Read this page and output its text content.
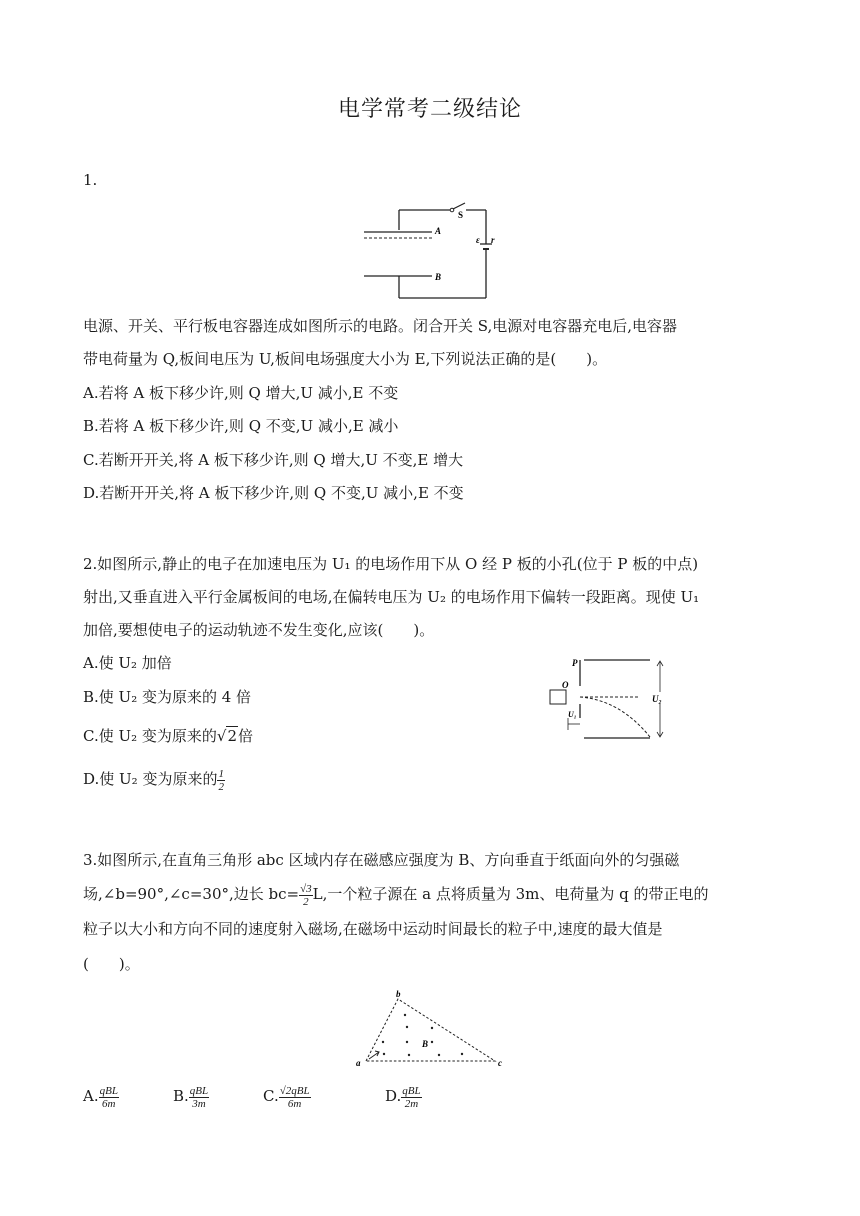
电学常考二级结论
1.
S
ε r
A
B
电源、开关、平行板电容器连成如图所示的电路。闭合开关 S,电源对电容器充电后,电容器
带电荷量为 Q,板间电压为 U,板间电场强度大小为 E,下列说法正确的是(　　)。
A.若将 A 板下移少许,则 Q 增大,U 减小,E 不变
B.若将 A 板下移少许,则 Q 不变,U 减小,E 减小
C.若断开开关,将 A 板下移少许,则 Q 增大,U 不变,E 增大
D.若断开开关,将 A 板下移少许,则 Q 不变,U 减小,E 不变
2.如图所示,静止的电子在加速电压为 U₁ 的电场作用下从 O 经 P 板的小孔(位于 P 板的中点)
射出,又垂直进入平行金属板间的电场,在偏转电压为 U₂ 的电场作用下偏转一段距离。现使 U₁
加倍,要想使电子的运动轨迹不发生变化,应该(　　)。
A.使 U₂ 加倍
B.使 U₂ 变为原来的 4 倍
C.使 U₂ 变为原来的√2倍
D.使 U₂ 变为原来的 $\frac{1}{2}$
P
O
U₁
U₂
3.如图所示,在直角三角形 abc 区域内存在磁感应强度为 B、方向垂直于纸面向外的匀强磁
场,∠b=90°,∠c=30°,边长 $bc= \frac{√3}{2} L$,一个粒子源在 a 点将质量为 3m、电荷量为 q 的带正电的
粒子以大小和方向不同的速度射入磁场,在磁场中运动时间最长的粒子中,速度的最大值是
(　　)。
b
a	c
B
A. $\frac{\text{qBL}}{6m}$	B. $\frac{\text{qBL}}{3m}$	C. $\frac{\text{√2qBL}}{6m}$	D. $\frac{\text{qBL}}{2m}$
